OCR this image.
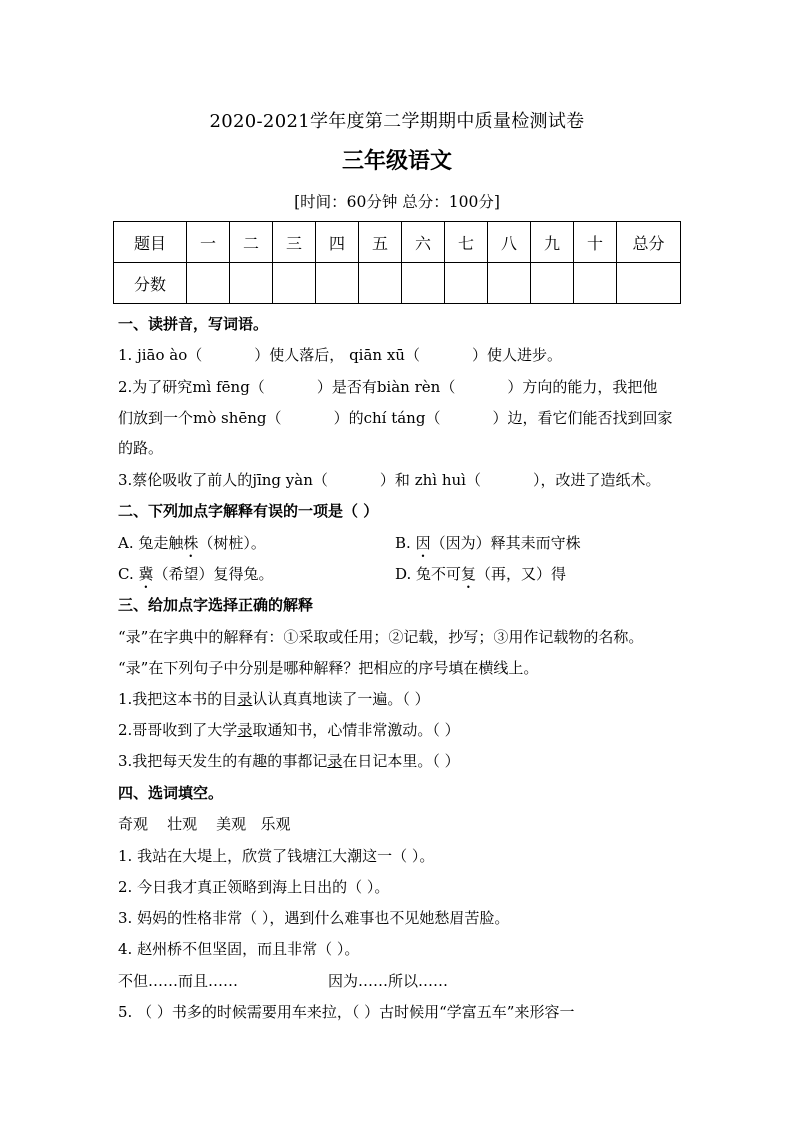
2020-2021学年度第二学期期中质量检测试卷
三年级语文
[时间：60分钟 总分：100分]
题目	一	二	三	四	五	六	七	八	九	十	总分
分数											
一、读拼音，写词语。
1. jiāo ào（	）使人落后， qiān xū（	）使人进步。
2.为了研究mì fēng（	）是否有biàn rèn（	）方向的能力，我把他
们放到一个mò shēng（	）的chí táng（	）边，看它们能否找到回家
的路。
3.蔡伦吸收了前人的jīng yàn（	）和 zhì huì（	），改进了造纸术。
二、下列加点字解释有误的一项是（ ）
A. 兔走触株（树桩）。	B. 因（因为）释其耒而守株
C. 冀（希望）复得兔。	D. 兔不可复（再，又）得
三、给加点字选择正确的解释
“录”在字典中的解释有：①采取或任用；②记载，抄写；③用作记载物的名称。
“录”在下列句子中分别是哪种解释？把相应的序号填在横线上。
1.我把这本书的目录认认真真地读了一遍。（ ）
2.哥哥收到了大学录取通知书，心情非常激动。（ ）
3.我把每天发生的有趣的事都记录在日记本里。（ ）
四、选词填空。
奇观    壮观    美观   乐观
1. 我站在大堤上，欣赏了钱塘江大潮这一（ ）。
2. 今日我才真正领略到海上日出的（ ）。
3. 妈妈的性格非常（ ），遇到什么难事也不见她愁眉苦脸。
4. 赵州桥不但坚固，而且非常（ ）。
不但……而且……	因为……所以……
5. （ ）书多的时候需要用车来拉，（ ）古时候用“学富五车”来形容一
